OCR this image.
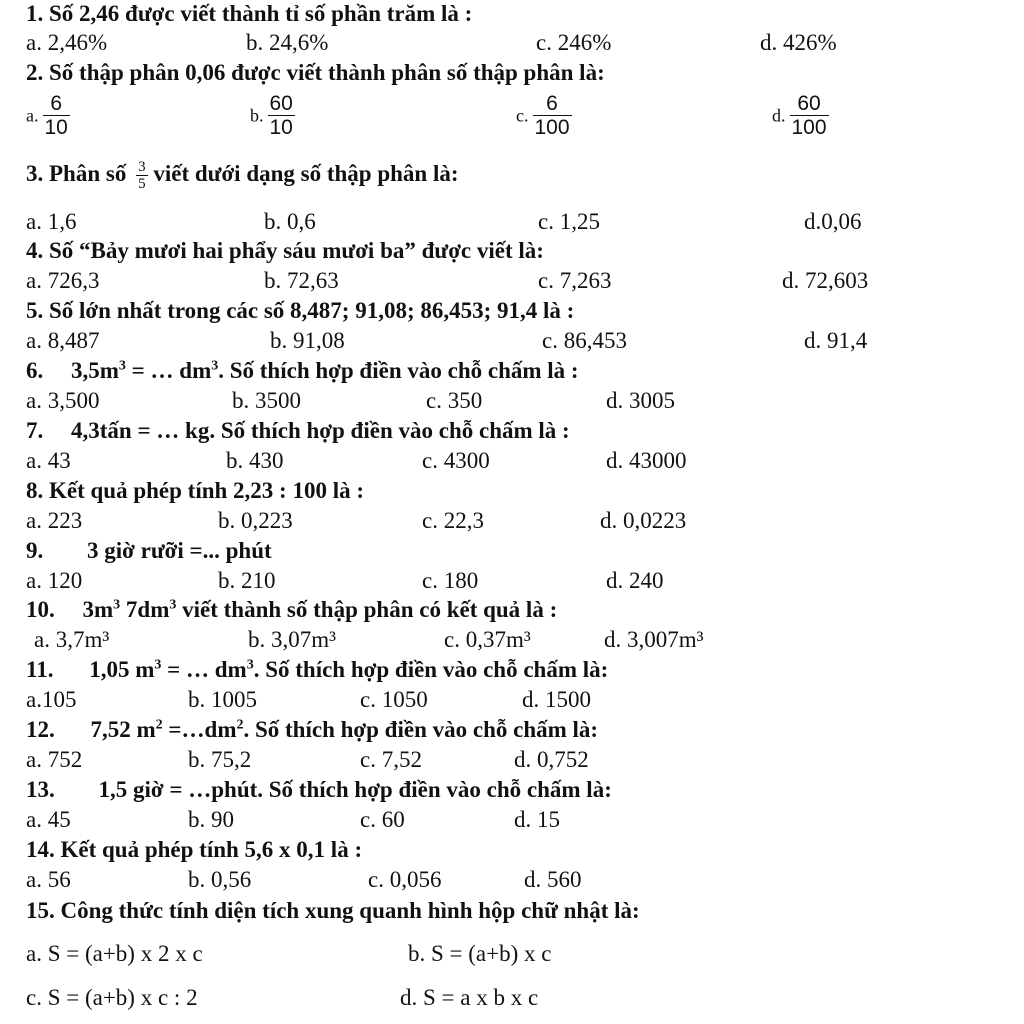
1. Số 2,46 được viết thành tỉ số phần trăm là :
a. 2,46%	b. 24,6%	c. 246%	d. 426%
2. Số thập phân 0,06 được viết thành phân số thập phân là:
a. $\frac{6}{10}$	b. $\frac{60}{10}$	c. $\frac{6}{100}$	d. $\frac{60}{100}$
3. Phân số $\frac{3}{5}$ viết dưới dạng số thập phân là:
a. 1,6	b. 0,6	c. 1,25	d.0,06
4. Số “Bảy mươi hai phẩy sáu mươi ba” được viết là:
a. 726,3	b. 72,63	c. 7,263	d. 72,603
5. Số lớn nhất trong các số 8,487; 91,08; 86,453; 91,4 là :
a. 8,487	b. 91,08	c. 86,453	d. 91,4
6. $3,5m^3$ = … $dm^3$. Số thích hợp điền vào chỗ chấm là :
a. 3,500	b. 3500	c. 350	d. 3005
7. 4,3tấn = … kg. Số thích hợp điền vào chỗ chấm là :
a. 43	b. 430	c. 4300	d. 43000
8. Kết quả phép tính 2,23 : 100 là :
a. 223	b. 0,223	c. 22,3	d. 0,0223
9. 3 giờ rưỡi =... phút
a. 120	b. 210	c. 180	d. 240
10. $3m^3$ $7dm^3$ viết thành số thập phân có kết quả là :
a. 3,7m³	b. 3,07m³	c. 0,37m³	d. 3,007m³
11. 1,05 $m^3$ = … $dm^3$. Số thích hợp điền vào chỗ chấm là:
a.105	b. 1005	c. 1050	d. 1500
12. 7,52 $m^2$ $=\dots dm^2$. Số thích hợp điền vào chỗ chấm là:
a. 752	b. 75,2	c. 7,52	d. 0,752
13. 1,5 giờ = …phút. Số thích hợp điền vào chỗ chấm là:
a. 45	b. 90	c. 60	d. 15
14. Kết quả phép tính 5,6 x 0,1 là :
a. 56	b. 0,56	c. 0,056	d. 560
15. Công thức tính diện tích xung quanh hình hộp chữ nhật là:
a. S = (a+b) x 2 x c	b. S = (a+b) x c
c. S = (a+b) x c : 2	d. S = a x b x c
